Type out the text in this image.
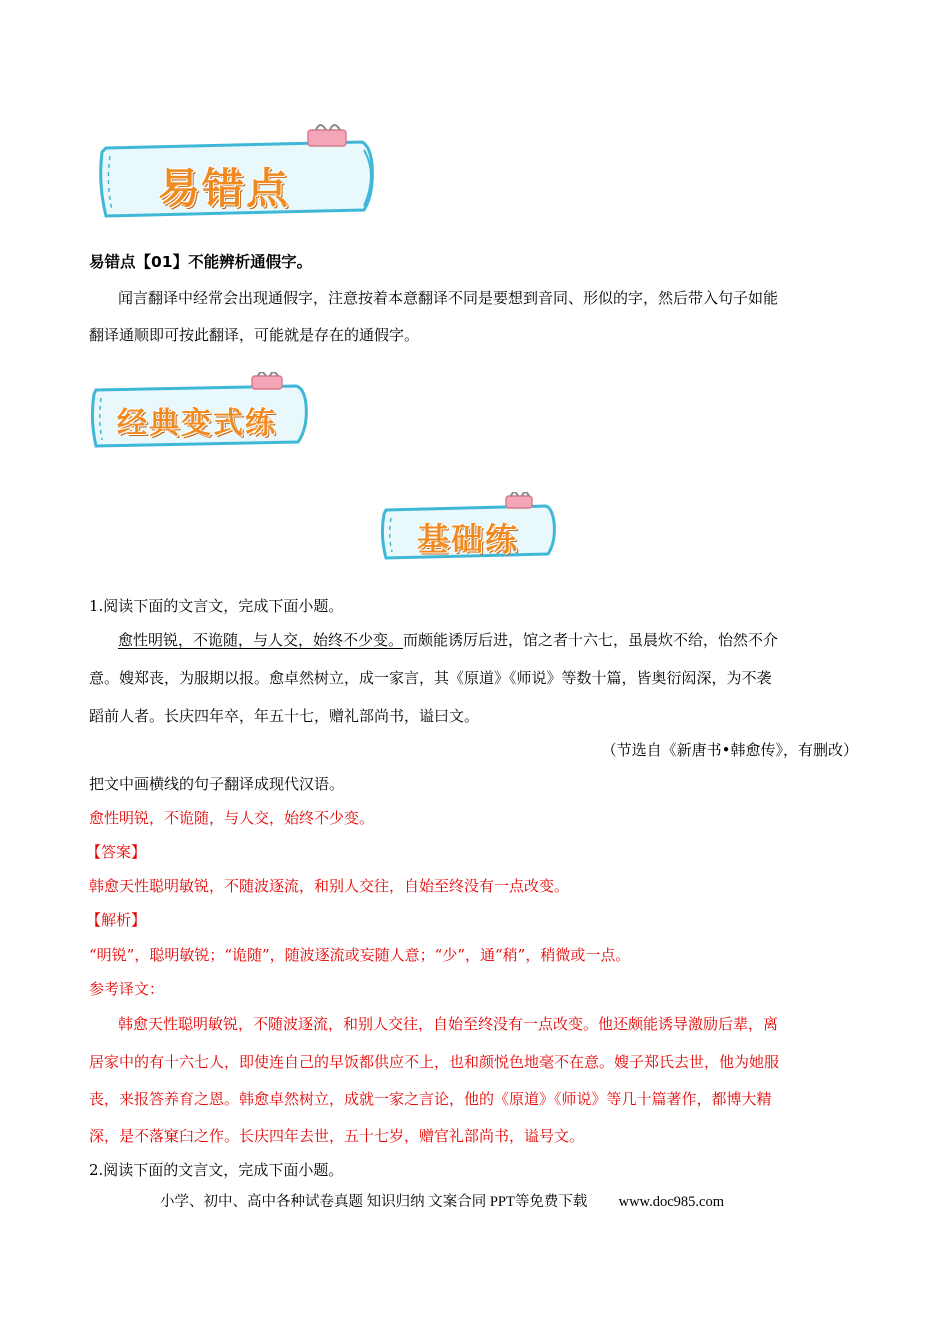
易错点
易错点【01】不能辨析通假字。
闻言翻译中经常会出现通假字，注意按着本意翻译不同是要想到音同、形似的字，然后带入句子如能
翻译通顺即可按此翻译，可能就是存在的通假字。
经典变式练
基础练
1.阅读下面的文言文，完成下面小题。
愈性明锐，不诡随，与人交，始终不少变。而颇能诱厉后进，馆之者十六七，虽晨炊不给，怡然不介
意。嫂郑丧，为服期以报。愈卓然树立，成一家言，其《原道》《师说》等数十篇，皆奥衍闳深，为不袭
蹈前人者。长庆四年卒，年五十七，赠礼部尚书，谥曰文。
（节选自《新唐书•韩愈传》，有删改）
把文中画横线的句子翻译成现代汉语。
愈性明锐，不诡随，与人交，始终不少变。
【答案】
韩愈天性聪明敏锐，不随波逐流，和别人交往，自始至终没有一点改变。
【解析】
“明锐”，聪明敏锐；“诡随”，随波逐流或妄随人意；“少”，通“稍”，稍微或一点。
参考译文：
韩愈天性聪明敏锐，不随波逐流，和别人交往，自始至终没有一点改变。他还颇能诱导激励后辈，离
居家中的有十六七人，即使连自己的早饭都供应不上，也和颜悦色地毫不在意。嫂子郑氏去世，他为她服
丧，来报答养育之恩。韩愈卓然树立，成就一家之言论，他的《原道》《师说》等几十篇著作，都博大精
深，是不落窠臼之作。长庆四年去世，五十七岁，赠官礼部尚书，谥号文。
2.阅读下面的文言文，完成下面小题。
小学、初中、高中各种试卷真题 知识归纳 文案合同 PPT等免费下载 www.doc985.com
